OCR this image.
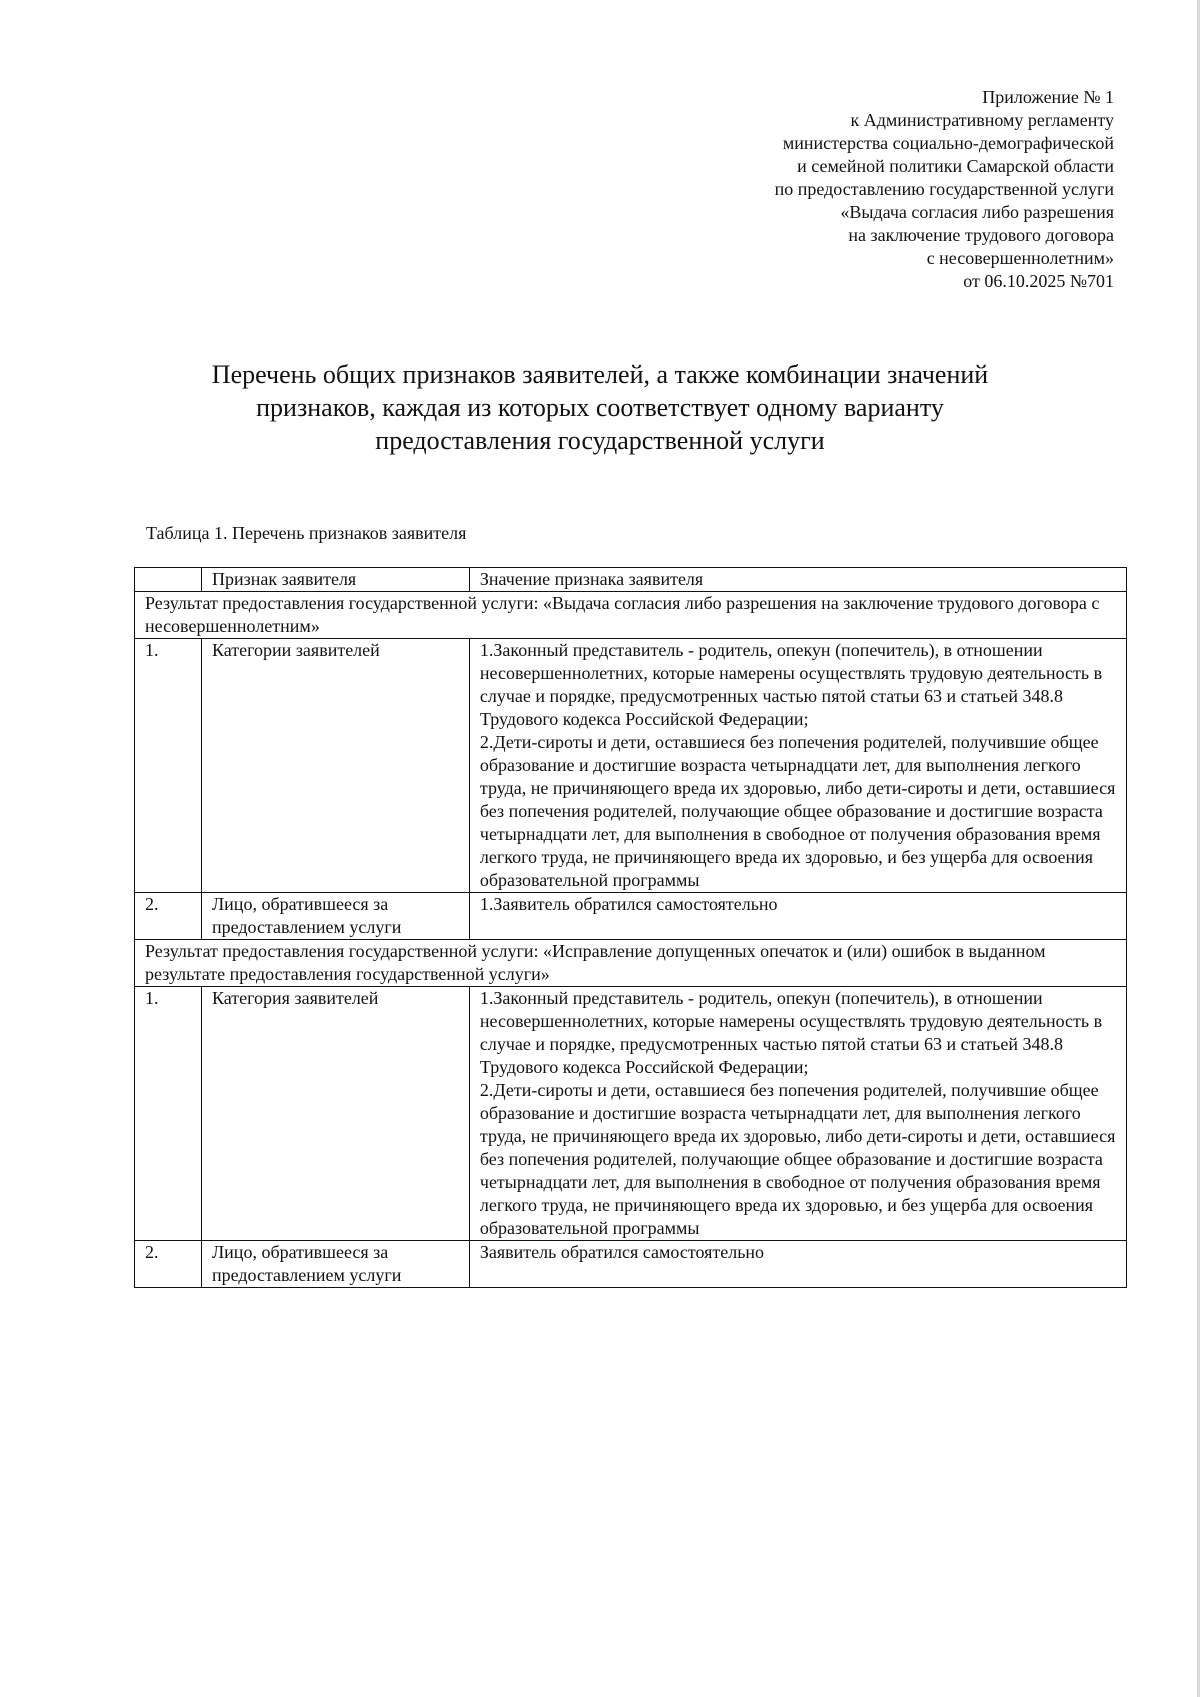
Приложение № 1
к Административному регламенту
министерства социально-демографической
и семейной политики Самарской области
по предоставлению государственной услуги
«Выдача согласия либо разрешения
на заключение трудового договора
с несовершеннолетним»
от 06.10.2025 №701
Перечень общих признаков заявителей, а также комбинации значений
признаков, каждая из которых соответствует одному варианту
предоставления государственной услуги
Таблица 1. Перечень признаков заявителя
	Признак заявителя	Значение признака заявителя
Результат предоставления государственной услуги: «Выдача согласия либо разрешения на заключение трудового договора с несовершеннолетним»		
1.	Категории заявителей	1.Законный представитель - родитель, опекун (попечитель), в отношении несовершеннолетних, которые намерены осуществлять трудовую деятельность в случае и порядке, предусмотренных частью пятой статьи 63 и статьей 348.8 Трудового кодекса Российской Федерации;
2.Дети-сироты и дети, оставшиеся без попечения родителей, получившие общее образование и достигшие возраста четырнадцати лет, для выполнения легкого труда, не причиняющего вреда их здоровью, либо дети-сироты и дети, оставшиеся без попечения родителей, получающие общее образование и достигшие возраста четырнадцати лет, для выполнения в свободное от получения образования время легкого труда, не причиняющего вреда их здоровью, и без ущерба для освоения образовательной программы
2.	Лицо, обратившееся за предоставлением услуги	1.Заявитель обратился самостоятельно
Результат предоставления государственной услуги: «Исправление допущенных опечаток и (или) ошибок в выданном результате предоставления государственной услуги»		
1.	Категория заявителей	1.Законный представитель - родитель, опекун (попечитель), в отношении несовершеннолетних, которые намерены осуществлять трудовую деятельность в случае и порядке, предусмотренных частью пятой статьи 63 и статьей 348.8 Трудового кодекса Российской Федерации;
2.Дети-сироты и дети, оставшиеся без попечения родителей, получившие общее образование и достигшие возраста четырнадцати лет, для выполнения легкого труда, не причиняющего вреда их здоровью, либо дети-сироты и дети, оставшиеся без попечения родителей, получающие общее образование и достигшие возраста четырнадцати лет, для выполнения в свободное от получения образования время легкого труда, не причиняющего вреда их здоровью, и без ущерба для освоения образовательной программы
2.	Лицо, обратившееся за предоставлением услуги	Заявитель обратился самостоятельно
